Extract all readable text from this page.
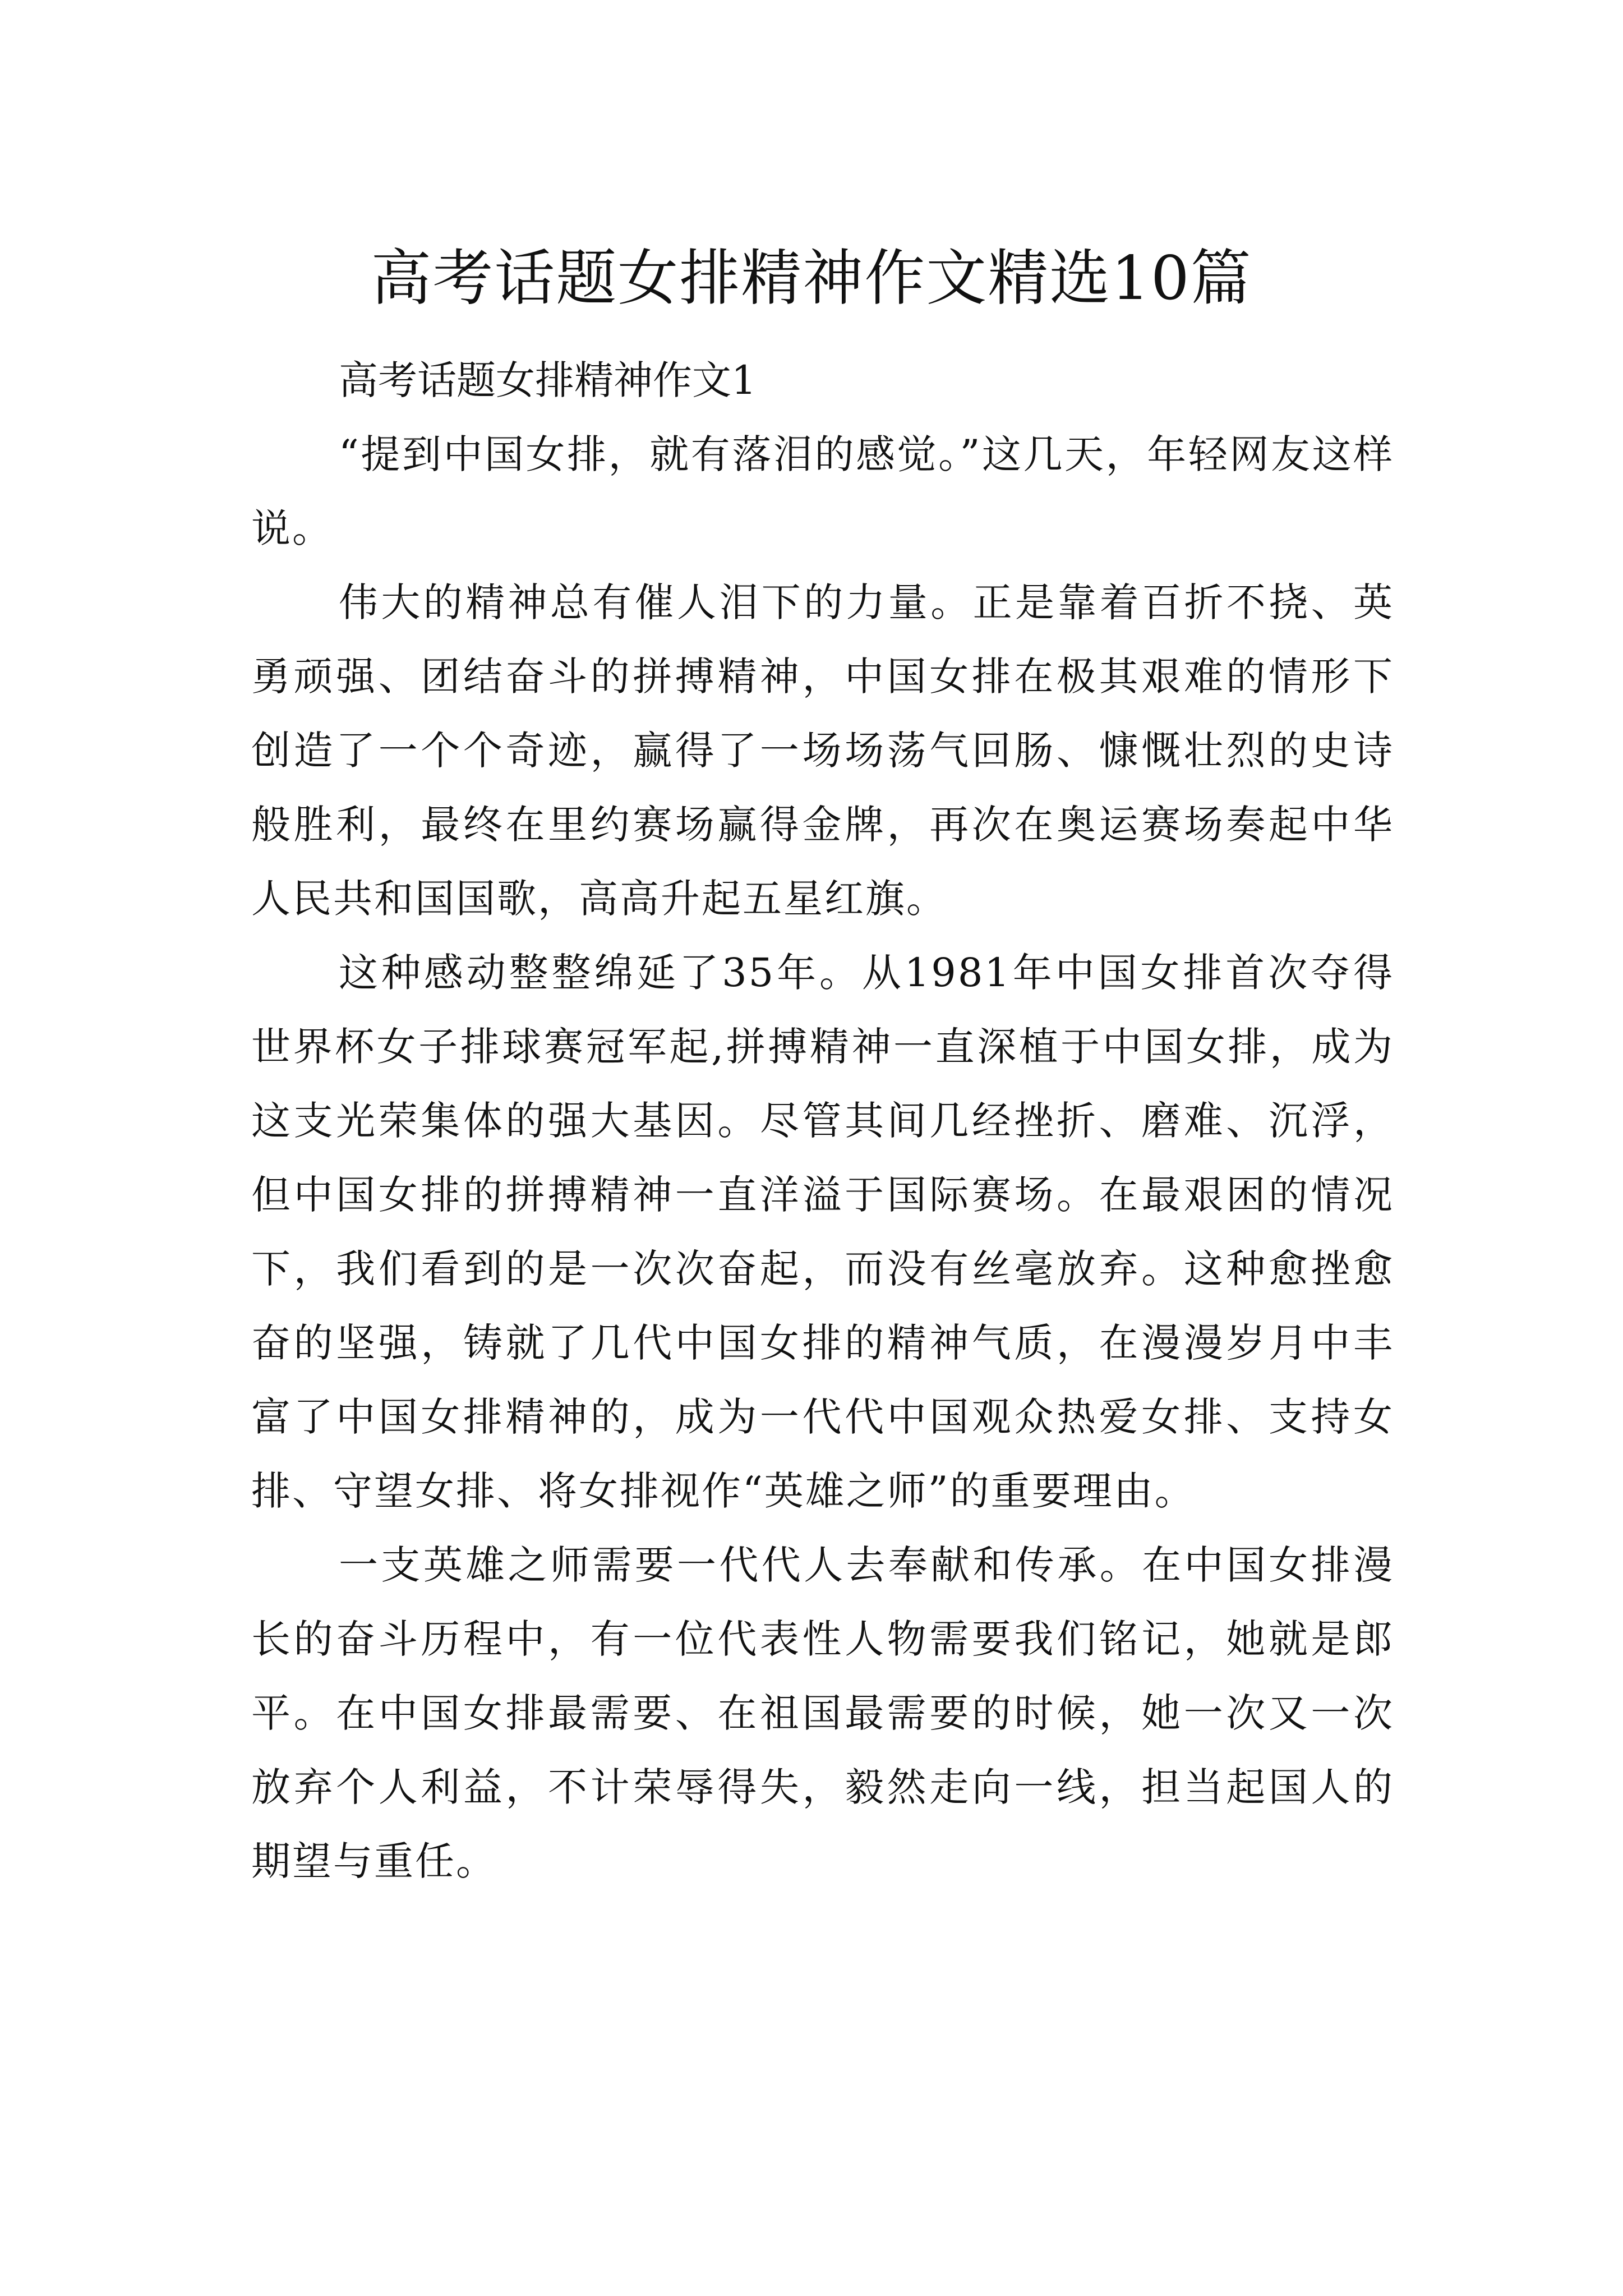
高考话题女排精神作文精选10篇

高考话题女排精神作文1

“提到中国女排，就有落泪的感觉。”这几天，年轻网友这样说。

伟大的精神总有催人泪下的力量。正是靠着百折不挠、英勇顽强、团结奋斗的拼搏精神，中国女排在极其艰难的情形下创造了一个个奇迹，赢得了一场场荡气回肠、慷慨壮烈的史诗般胜利，最终在里约赛场赢得金牌，再次在奥运赛场奏起中华人民共和国国歌，高高升起五星红旗。

这种感动整整绵延了35年。从1981年中国女排首次夺得世界杯女子排球赛冠军起,拼搏精神一直深植于中国女排，成为这支光荣集体的强大基因。尽管其间几经挫折、磨难、沉浮，但中国女排的拼搏精神一直洋溢于国际赛场。在最艰困的情况下，我们看到的是一次次奋起，而没有丝毫放弃。这种愈挫愈奋的坚强，铸就了几代中国女排的精神气质，在漫漫岁月中丰富了中国女排精神的，成为一代代中国观众热爱女排、支持女排、守望女排、将女排视作“英雄之师”的重要理由。

一支英雄之师需要一代代人去奉献和传承。在中国女排漫长的奋斗历程中，有一位代表性人物需要我们铭记，她就是郎平。在中国女排最需要、在祖国最需要的时候，她一次又一次放弃个人利益，不计荣辱得失，毅然走向一线，担当起国人的期望与重任。
